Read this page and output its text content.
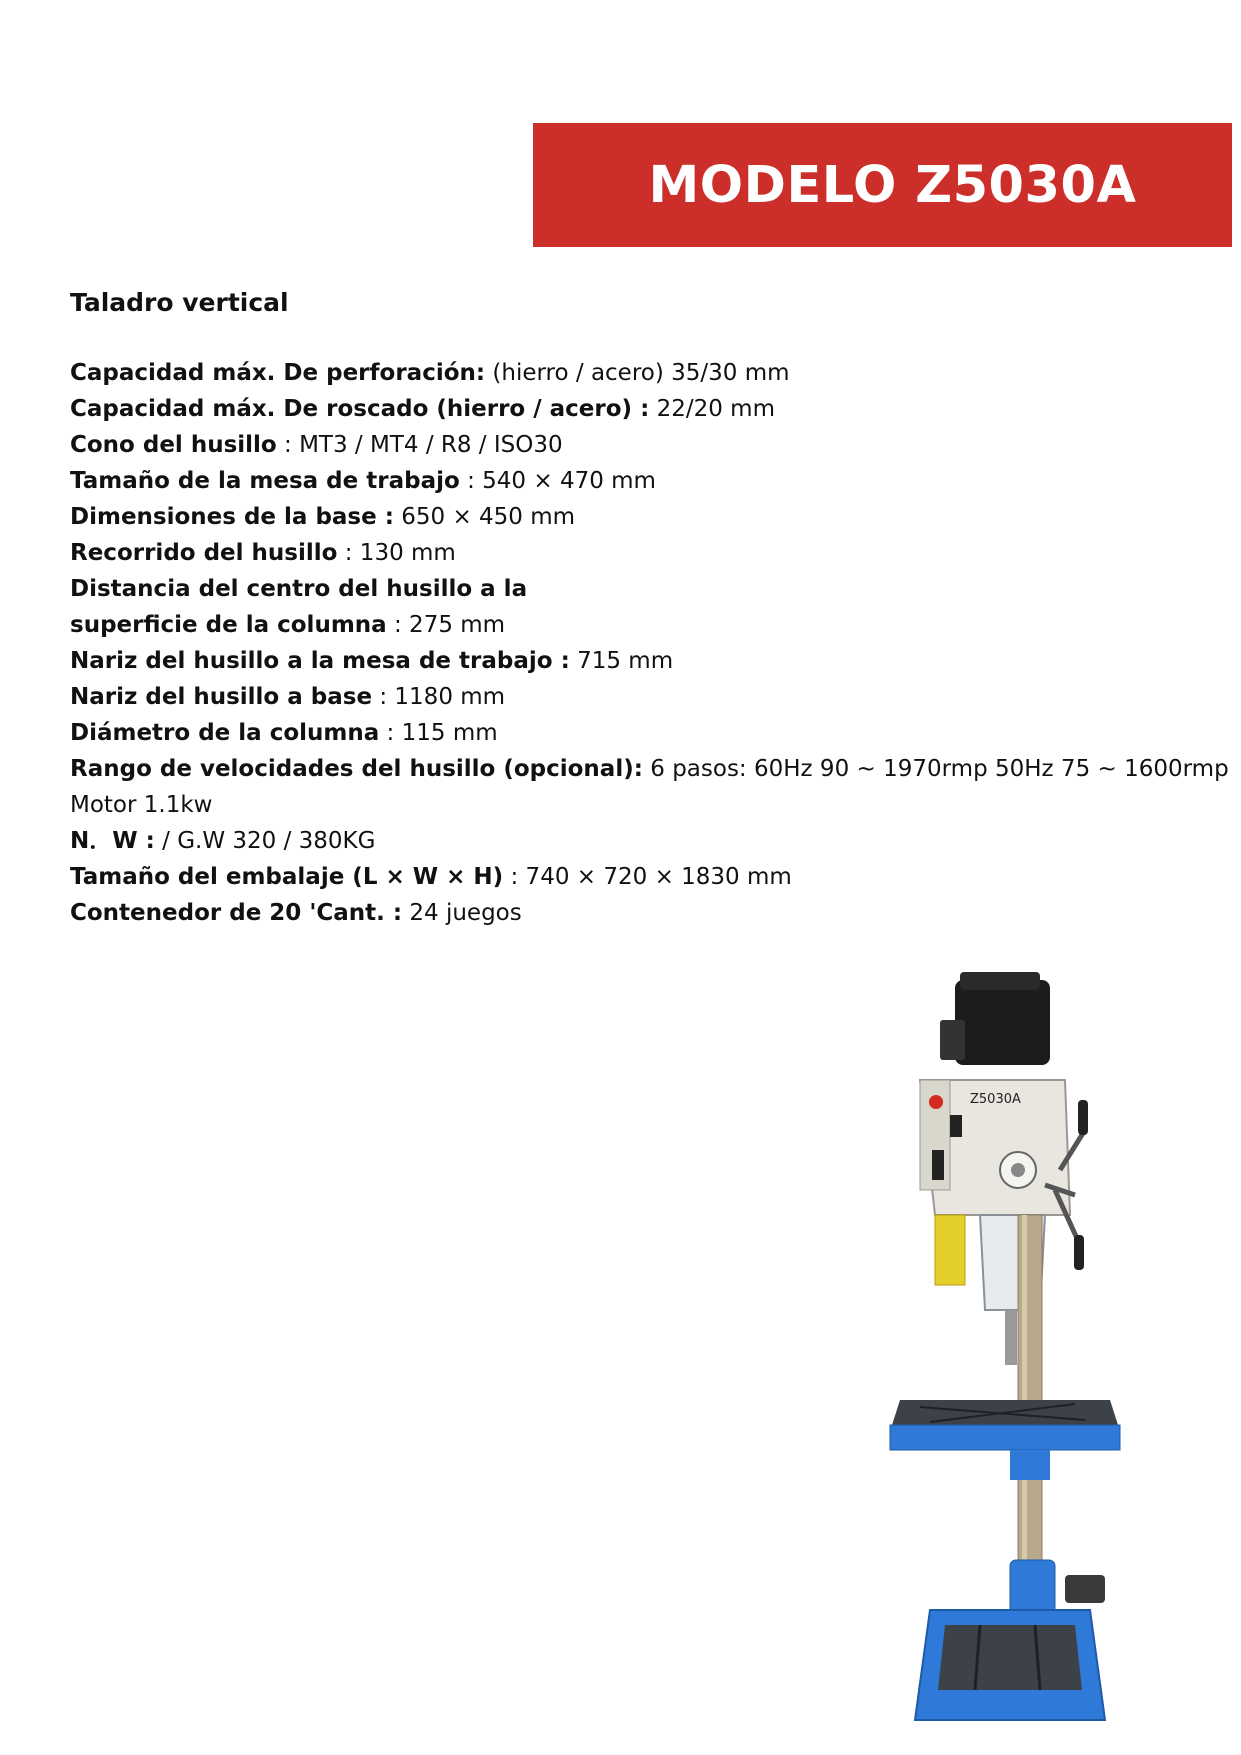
MODELO Z5030A
Taladro vertical
Capacidad máx. De perforación: (hierro / acero) 35/30 mm
Capacidad máx. De roscado (hierro / acero) : 22/20 mm
Cono del husillo : MT3 / MT4 / R8 / ISO30
Tamaño de la mesa de trabajo : 540 × 470 mm
Dimensiones de la base : 650 × 450 mm
Recorrido del husillo : 130 mm
Distancia del centro del husillo a la
superficie de la columna : 275 mm
Nariz del husillo a la mesa de trabajo : 715 mm
Nariz del husillo a base : 1180 mm
Diámetro de la columna : 115 mm
Rango de velocidades del husillo (opcional): 6 pasos: 60Hz 90 ~ 1970rmp 50Hz 75 ~ 1600rmp
Motor 1.1kw
N．W : / G.W 320 / 380KG
Tamaño del embalaje (L × W × H) : 740 × 720 × 1830 mm
Contenedor de 20 'Cant. : 24 juegos
Z5030A
